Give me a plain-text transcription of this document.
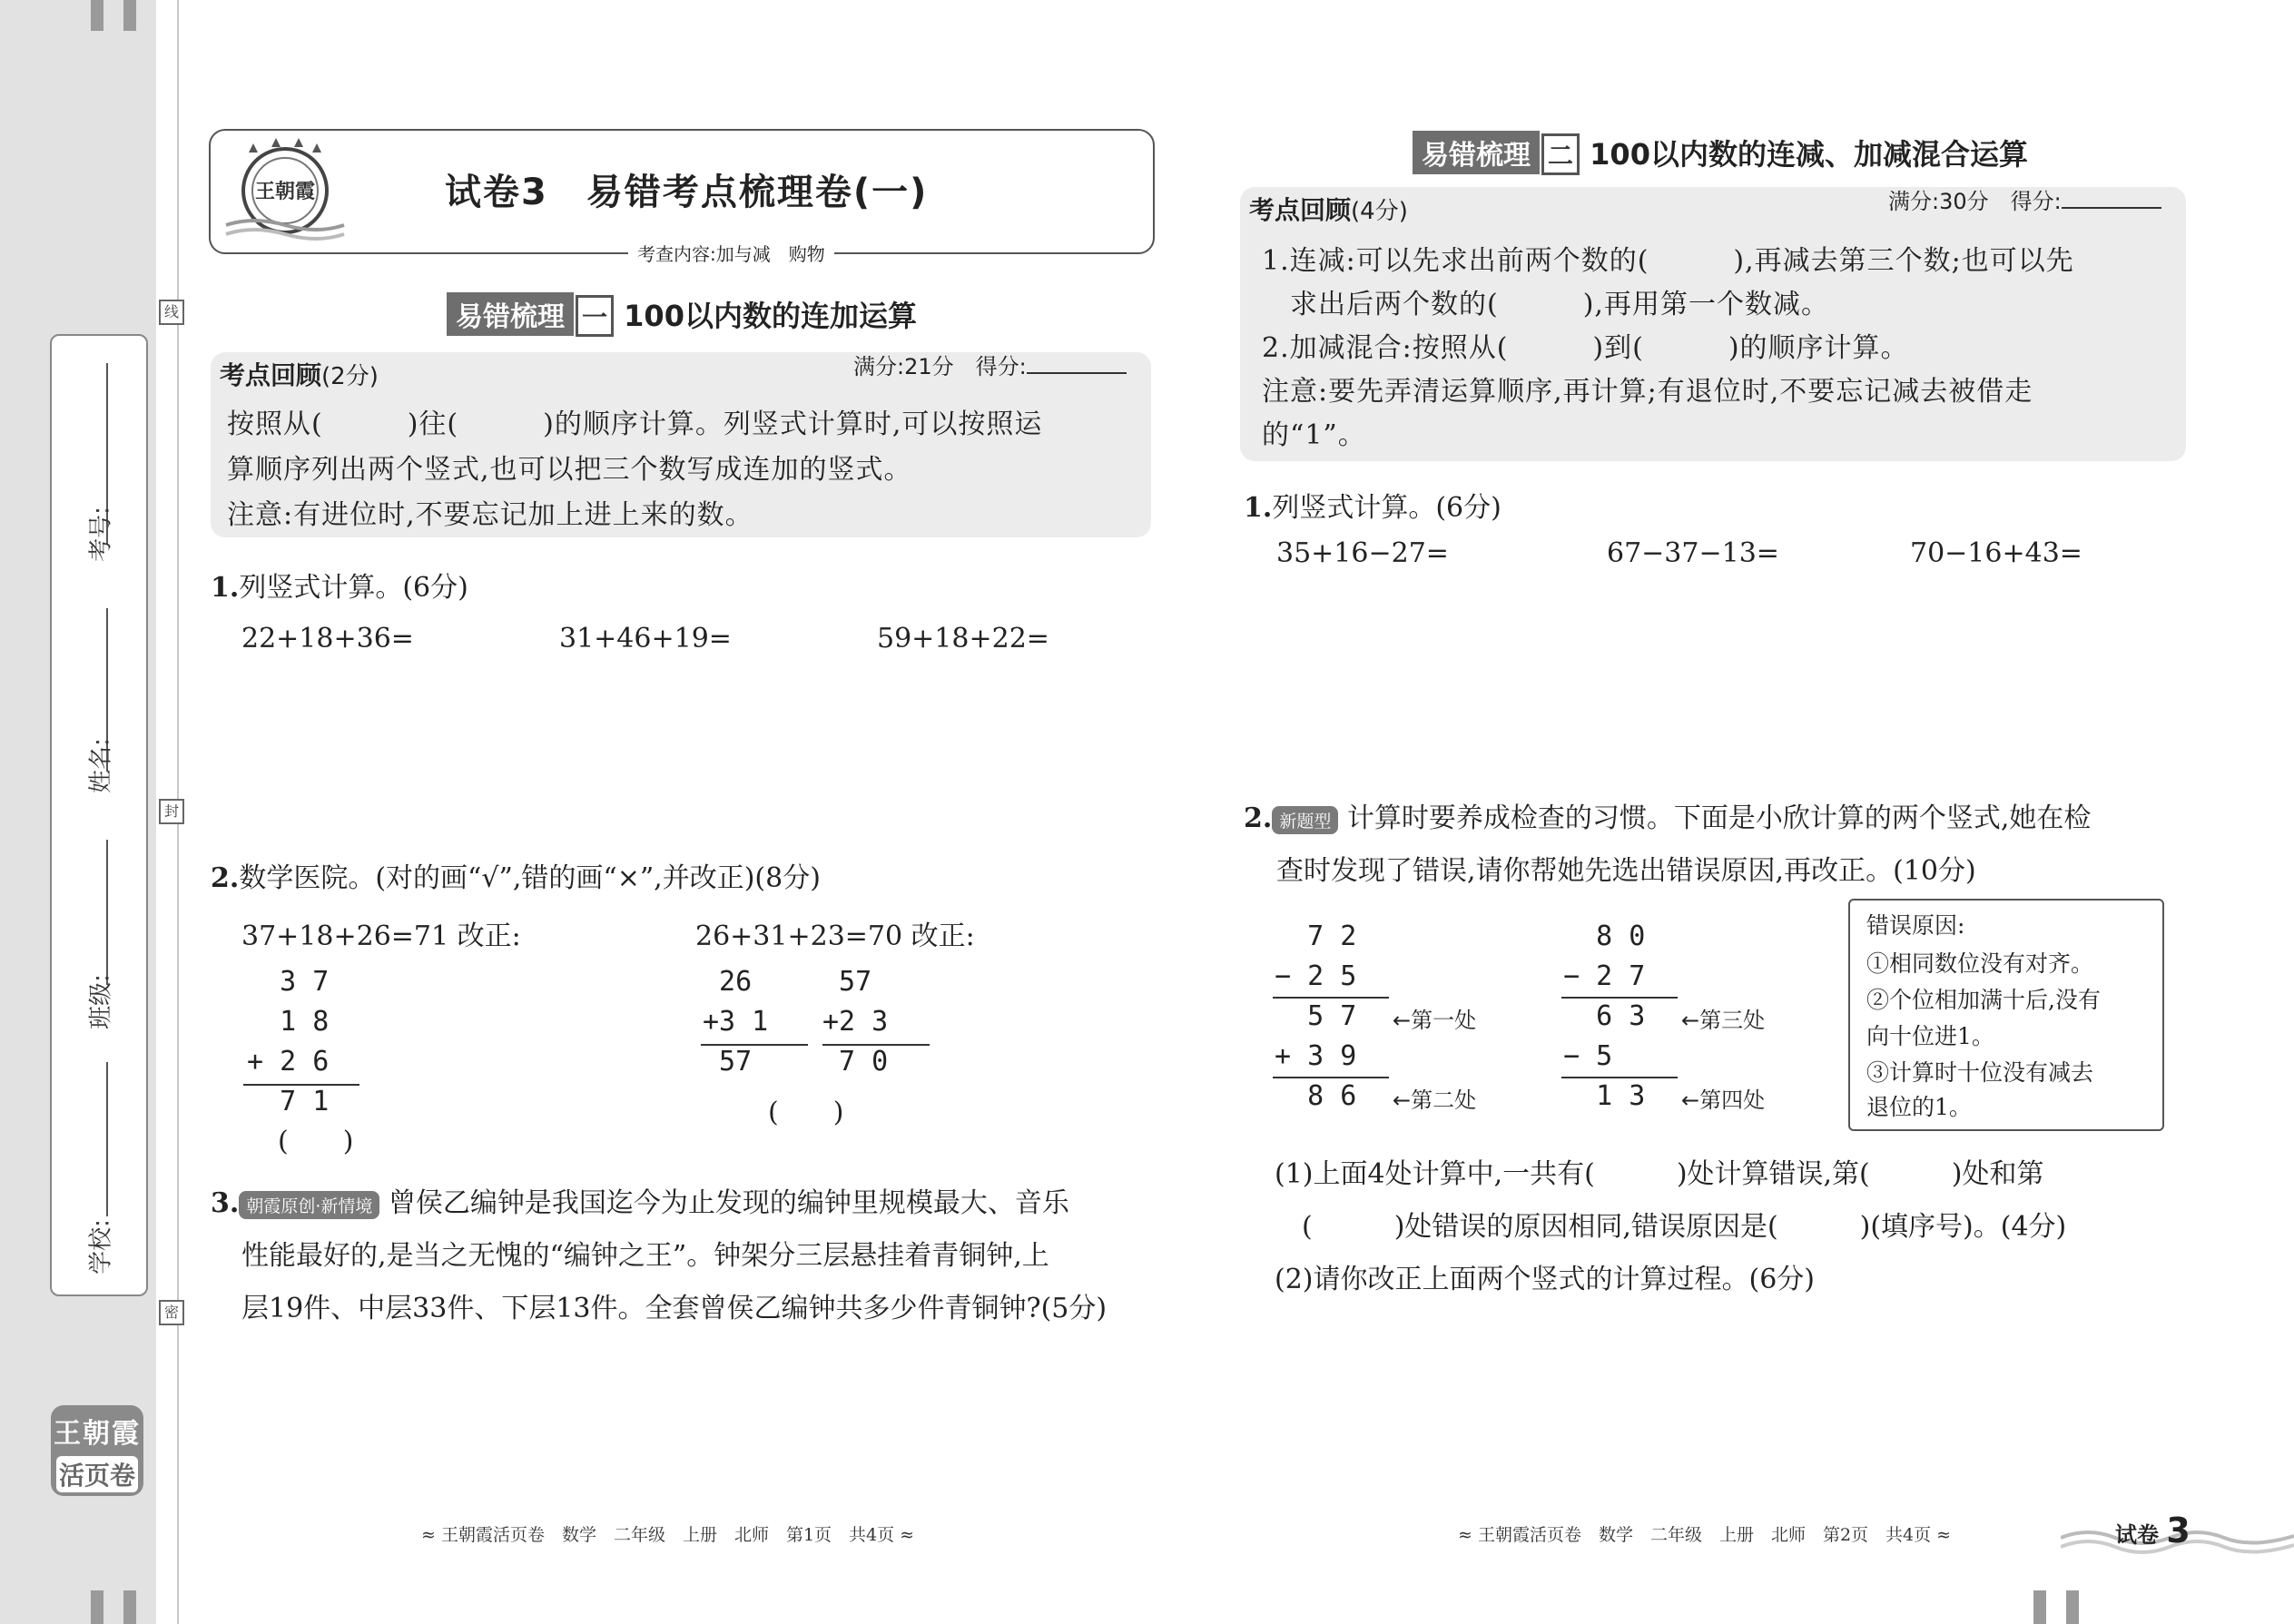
线
封
密
考号:
姓名:
班级:
学校:
王朝霞
活页卷
王朝霞	试卷3　易错考点梳理卷(一)
考查内容:加与减　购物
易错梳理 一 100以内数的连加运算
考点回顾(2分)	满分:21分　 得分:
按照从(　　　)往(　　　)的顺序计算。列竖式计算时,可以按照运
算顺序列出两个竖式,也可以把三个数写成连加的竖式。
注意:有进位时,不要忘记加上进上来的数。
1.列竖式计算。(6分)
22+18+36=	31+46+19=	59+18+22=
2.数学医院。(对的画“√”,错的画“×”,并改正)(8分)
37+18+26=71 改正:	26+31+23=70 改正:
3 7
1 8
+ 2 6
7 1
(　　)
26
+3 1
57
57
+2 3
7 0
(　　)
3. 朝霞原创·新情境 曾侯乙编钟是我国迄今为止发现的编钟里规模最大、音乐
性能最好的,是当之无愧的“编钟之王”。钟架分三层悬挂着青铜钟,上
层19件、中层33件、下层13件。全套曾侯乙编钟共多少件青铜钟?(5分)
易错梳理 二 100以内数的连减、加减混合运算
考点回顾(4分)	满分:30分　 得分:
1.连减:可以先求出前两个数的(　　　),再减去第三个数;也可以先
　求出后两个数的(　　　),再用第一个数减。
2.加减混合:按照从(　　　)到(　　　)的顺序计算。
注意:要先弄清运算顺序,再计算;有退位时,不要忘记减去被借走
的“1”。
1.列竖式计算。(6分)
35+16−27=	67−37−13=	70−16+43=
2. 新题型 计算时要养成检查的习惯。下面是小欣计算的两个竖式,她在检
查时发现了错误,请你帮她先选出错误原因,再改正。(10分)
7 2
− 2 5
5 7
+ 3 9
8 6
←第一处
←第二处
8 0
− 2 7
6 3
− 5
1 3
←第三处
←第四处
错误原因:
①相同数位没有对齐。
②个位相加满十后,没有
向十位进1。
③计算时十位没有减去
退位的1。
(1)上面4处计算中,一共有(　　　)处计算错误,第(　　　)处和第
　(　　　)处错误的原因相同,错误原因是(　　　)(填序号)。(4分)
(2)请你改正上面两个竖式的计算过程。(6分)
≈ 王朝霞活页卷　数学　二年级　上册　北师　第1页　共4页 ≈	≈ 王朝霞活页卷　数学　二年级　上册　北师　第2页　共4页 ≈	试卷 3
